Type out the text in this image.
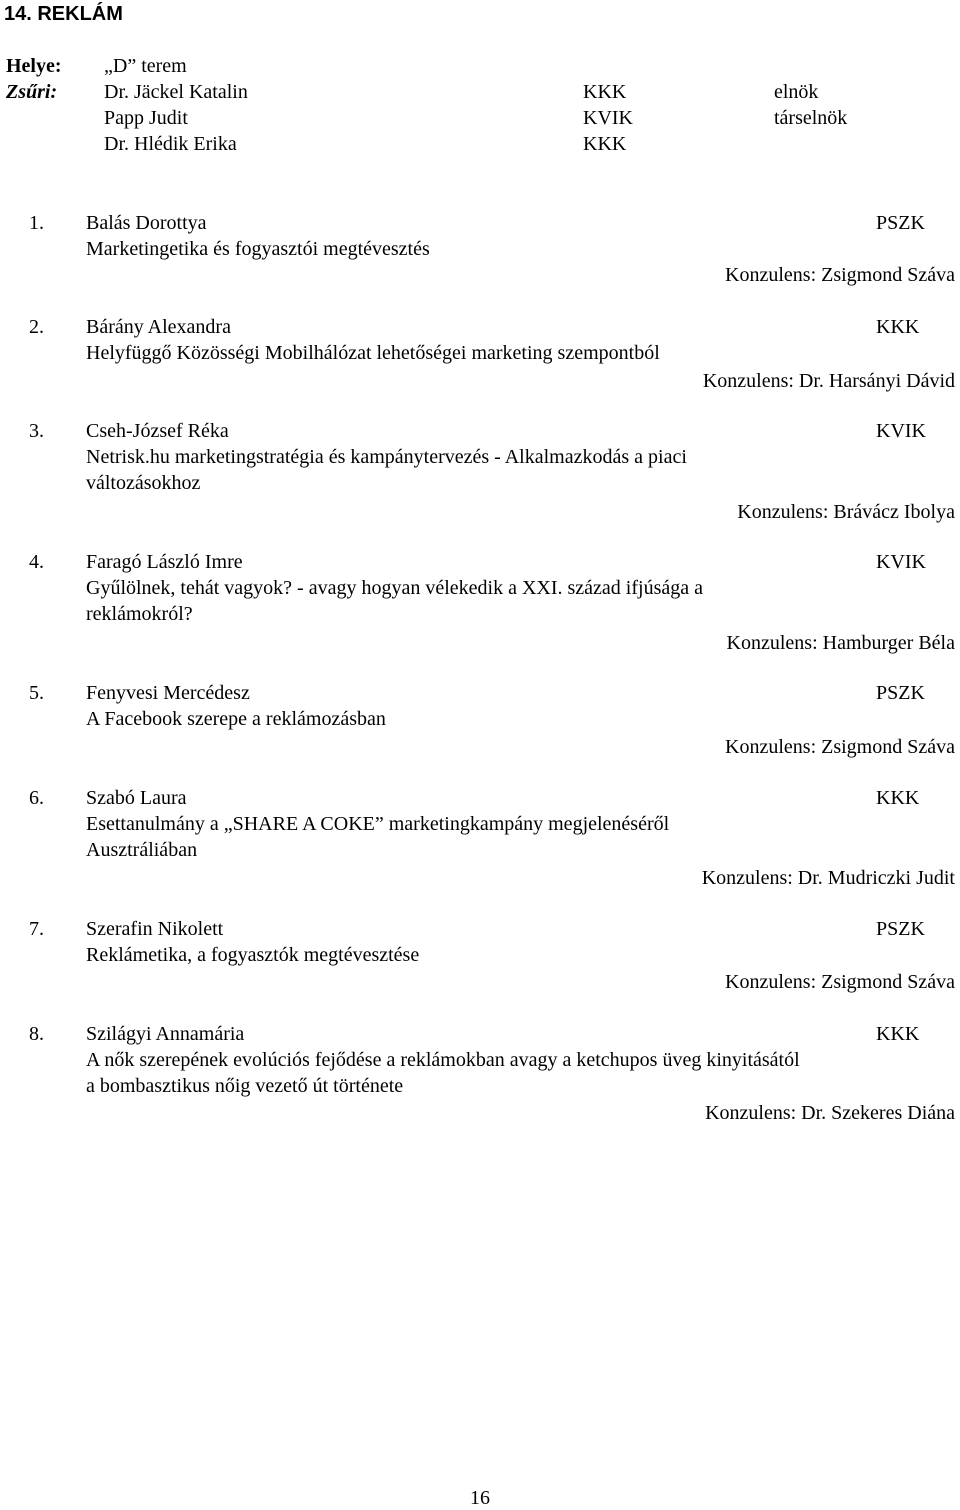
14. REKLÁM
Helye: „D” terem
Zsűri: Dr. Jäckel Katalin	KKK	elnök
Papp Judit	KVIK	társelnök
Dr. Hlédik Erika	KKK
1. Balás Dorottya	PSZK
Marketingetika és fogyasztói megtévesztés
Konzulens: Zsigmond Száva
2. Bárány Alexandra	KKK
Helyfüggő Közösségi Mobilhálózat lehetőségei marketing szempontból
Konzulens: Dr. Harsányi Dávid
3. Cseh-József Réka	KVIK
Netrisk.hu marketingstratégia és kampánytervezés - Alkalmazkodás a piaci változásokhoz
Konzulens: Brávácz Ibolya
4. Faragó László Imre	KVIK
Gyűlölnek, tehát vagyok? - avagy hogyan vélekedik a XXI. század ifjúsága a reklámokról?
Konzulens: Hamburger Béla
5. Fenyvesi Mercédesz	PSZK
A Facebook szerepe a reklámozásban
Konzulens: Zsigmond Száva
6. Szabó Laura	KKK
Esettanulmány a „SHARE A COKE” marketingkampány megjelenéséről Ausztráliában
Konzulens: Dr. Mudriczki Judit
7. Szerafin Nikolett	PSZK
Reklámetika, a fogyasztók megtévesztése
Konzulens: Zsigmond Száva
8. Szilágyi Annamária	KKK
A nők szerepének evolúciós fejődése a reklámokban avagy a ketchupos üveg kinyitásától a bombasztikus nőig vezető út története
Konzulens: Dr. Szekeres Diána
16
